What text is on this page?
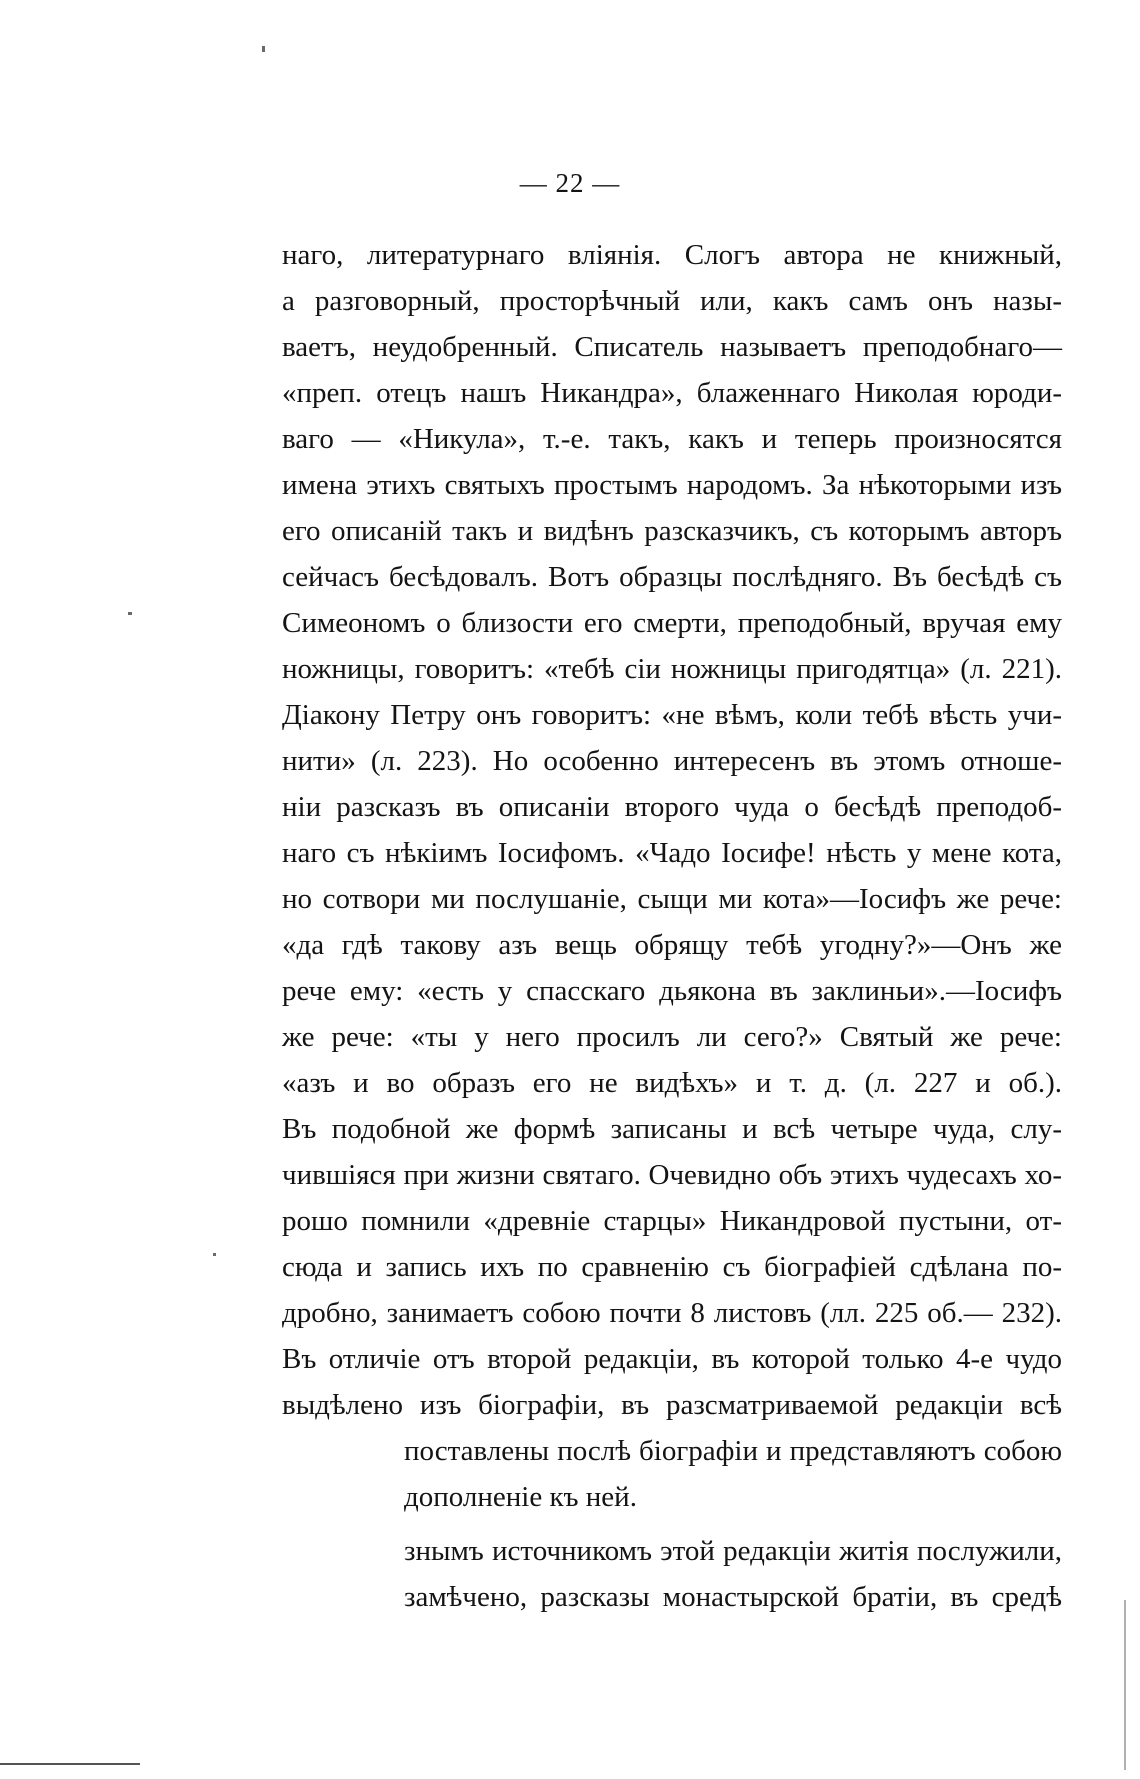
— 22 —
наго, литературнаго влiянiя. Слогъ автора не книжный,
а разговорный, просторѣчный или, какъ самъ онъ назы-
ваетъ, неудобренный. Списатель называетъ преподобнаго—
«преп. отецъ нашъ Никандра», блаженнаго Николая юроди-
ваго — «Никула», т.-е. такъ, какъ и теперь произносятся
имена этихъ святыхъ простымъ народомъ. За нѣкоторыми изъ
его описанiй такъ и видѣнъ разсказчикъ, съ которымъ авторъ
сейчасъ бесѣдовалъ. Вотъ образцы послѣдняго. Въ бесѣдѣ съ
Симеономъ о близости его смерти, преподобный, вручая ему
ножницы, говоритъ: «тебѣ сiи ножницы пригодятца» (л. 221).
Дiакону Петру онъ говоритъ: «не вѣмъ, коли тебѣ вѣсть учи-
нити» (л. 223). Но особенно интересенъ въ этомъ отноше-
нiи разсказъ въ описанiи второго чуда о бесѣдѣ преподоб-
наго съ нѣкiимъ Iосифомъ. «Чадо Iосифе! нѣсть у мене кота,
но сотвори ми послушанiе, сыщи ми кота»—Iосифъ же рече:
«да гдѣ такову азъ вещь обрящу тебѣ угодну?»—Онъ же
рече ему: «есть у спасскаго дьякона въ заклиньи».—Iосифъ
же рече: «ты у него просилъ ли сего?» Святый же рече:
«азъ и во образъ его не видѣхъ» и т. д. (л. 227 и об.).
Въ подобной же формѣ записаны и всѣ четыре чуда, слу-
чившiяся при жизни святаго. Очевидно объ этихъ чудесахъ хо-
рошо помнили «древнiе старцы» Никандровой пустыни, от-
сюда и запись ихъ по сравненiю съ бiографiей сдѣлана по-
дробно, занимаетъ собою почти 8 листовъ (лл. 225 об.— 232).
Въ отличiе отъ второй редакцiи, въ которой только 4-е чудо
выдѣлено изъ бiографiи, въ разсматриваемой редакцiи всѣ
поставлены послѣ бiографiи и представляютъ собою
дополненiе къ ней.
знымъ источникомъ этой редакцiи житiя послужили,
замѣчено, разсказы монастырской братiи, въ средѣ
